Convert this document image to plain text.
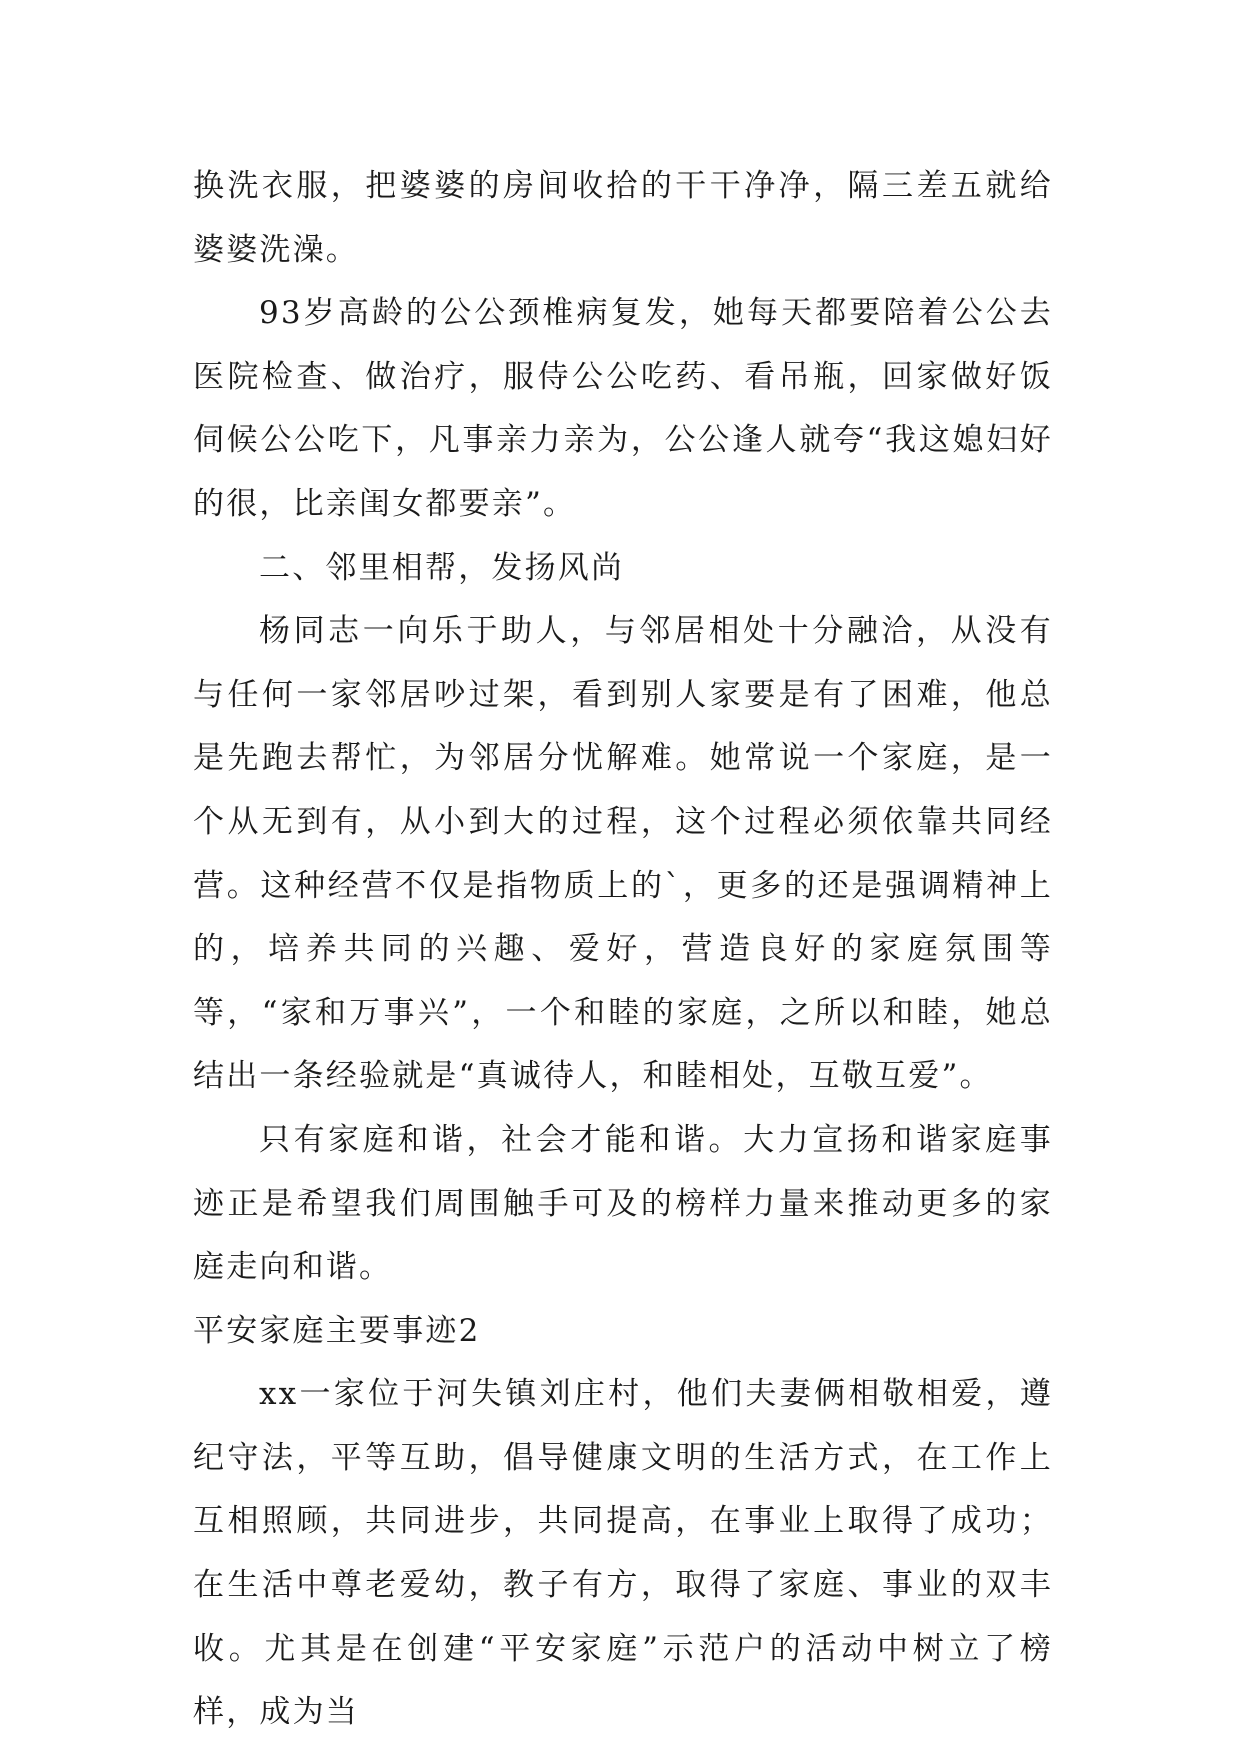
换洗衣服，把婆婆的房间收拾的干干净净，隔三差五就给婆婆洗澡。

93岁高龄的公公颈椎病复发，她每天都要陪着公公去医院检查、做治疗，服侍公公吃药、看吊瓶，回家做好饭伺候公公吃下，凡事亲力亲为，公公逢人就夸“我这媳妇好的很，比亲闺女都要亲”。

二、邻里相帮，发扬风尚

杨同志一向乐于助人，与邻居相处十分融洽，从没有与任何一家邻居吵过架，看到别人家要是有了困难，他总是先跑去帮忙，为邻居分忧解难。她常说一个家庭，是一个从无到有，从小到大的过程，这个过程必须依靠共同经营。这种经营不仅是指物质上的`，更多的还是强调精神上的，培养共同的兴趣、爱好，营造良好的家庭氛围等等，“家和万事兴”，一个和睦的家庭，之所以和睦，她总结出一条经验就是“真诚待人，和睦相处，互敬互爱”。

只有家庭和谐，社会才能和谐。大力宣扬和谐家庭事迹正是希望我们周围触手可及的榜样力量来推动更多的家庭走向和谐。

平安家庭主要事迹2

xx一家位于河失镇刘庄村，他们夫妻俩相敬相爱，遵纪守法，平等互助，倡导健康文明的生活方式，在工作上互相照顾，共同进步，共同提高，在事业上取得了成功；在生活中尊老爱幼，教子有方，取得了家庭、事业的双丰收。尤其是在创建“平安家庭”示范户的活动中树立了榜样，成为当
